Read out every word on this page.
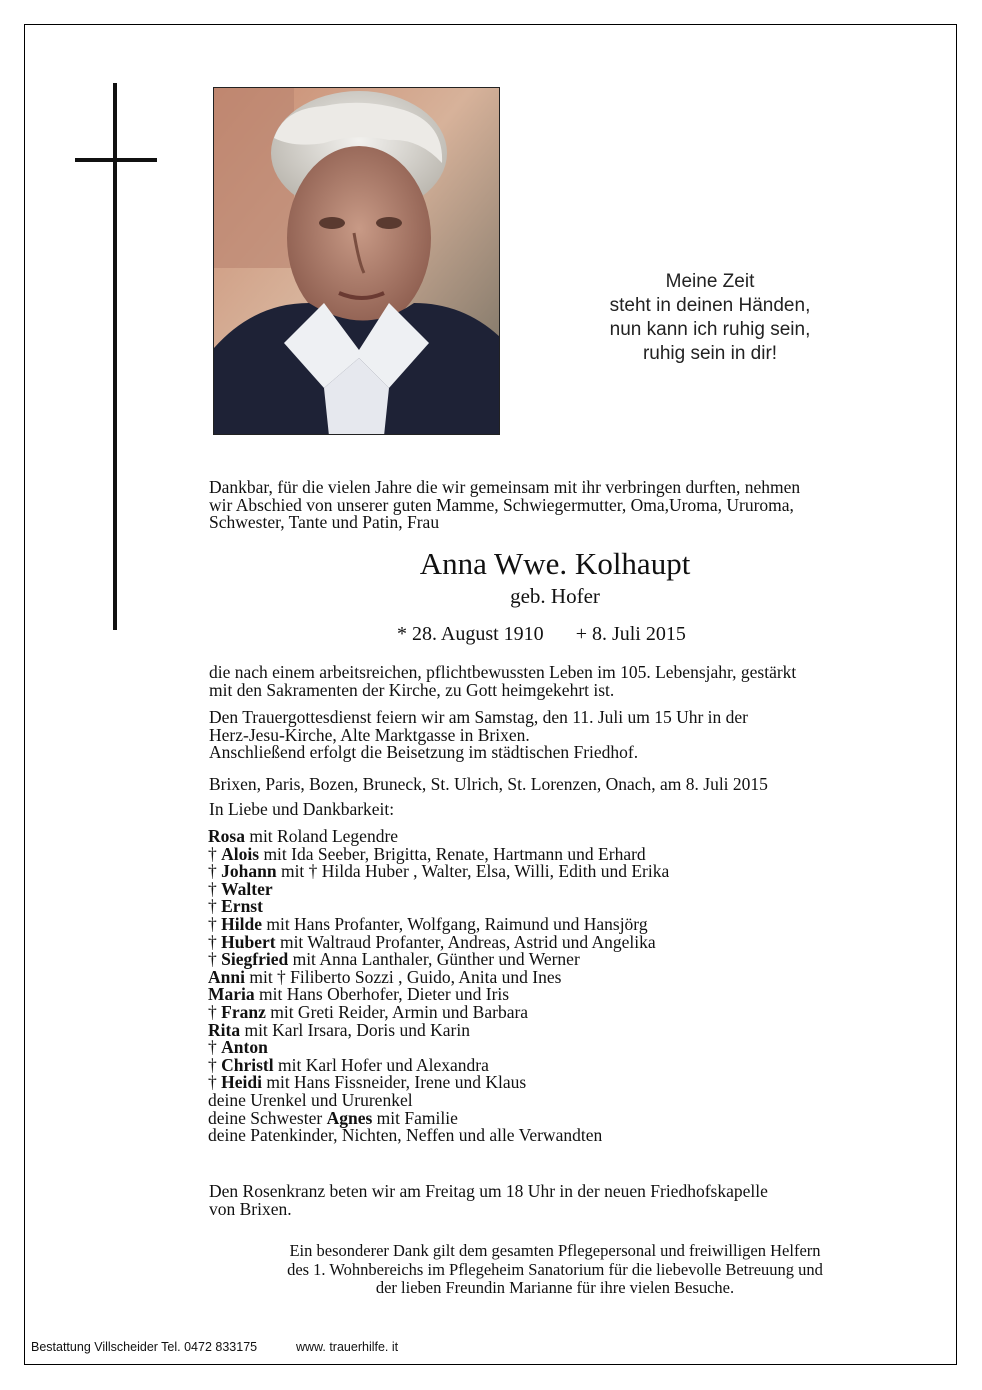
Meine Zeit
steht in deinen Händen,
nun kann ich ruhig sein,
ruhig sein in dir!
Dankbar, für die vielen Jahre die wir gemeinsam mit ihr verbringen durften, nehmen
wir Abschied von unserer guten Mamme, Schwiegermutter, Oma,Uroma, Ururoma,
Schwester, Tante und Patin, Frau
Anna Wwe. Kolhaupt
geb. Hofer
* 28. August 1910 + 8. Juli 2015
die nach einem arbeitsreichen, pflichtbewussten Leben im 105. Lebensjahr, gestärkt
mit den Sakramenten der Kirche, zu Gott heimgekehrt ist.
Den Trauergottesdienst feiern wir am Samstag, den 11. Juli um 15 Uhr in der
Herz-Jesu-Kirche, Alte Marktgasse in Brixen.
Anschließend erfolgt die Beisetzung im städtischen Friedhof.
Brixen, Paris, Bozen, Bruneck, St. Ulrich, St. Lorenzen, Onach, am 8. Juli 2015
In Liebe und Dankbarkeit:
Rosa mit Roland Legendre
† Alois mit Ida Seeber, Brigitta, Renate, Hartmann und Erhard
† Johann mit † Hilda Huber , Walter, Elsa, Willi, Edith und Erika
† Walter
† Ernst
† Hilde mit Hans Profanter, Wolfgang, Raimund und Hansjörg
† Hubert mit Waltraud Profanter, Andreas, Astrid und Angelika
† Siegfried mit Anna Lanthaler, Günther und Werner
Anni mit † Filiberto Sozzi , Guido, Anita und Ines
Maria mit Hans Oberhofer, Dieter und Iris
† Franz mit Greti Reider, Armin und Barbara
Rita mit Karl Irsara, Doris und Karin
† Anton
† Christl mit Karl Hofer und Alexandra
† Heidi mit Hans Fissneider, Irene und Klaus
deine Urenkel und Ururenkel
deine Schwester Agnes mit Familie
deine Patenkinder, Nichten, Neffen und alle Verwandten
Den Rosenkranz beten wir am Freitag um 18 Uhr in der neuen Friedhofskapelle
von Brixen.
Ein besonderer Dank gilt dem gesamten Pflegepersonal und freiwilligen Helfern
des 1. Wohnbereichs im Pflegeheim Sanatorium für die liebevolle Betreuung und
der lieben Freundin Marianne für ihre vielen Besuche.
Bestattung Villscheider Tel. 0472 833175	www. trauerhilfe. it
